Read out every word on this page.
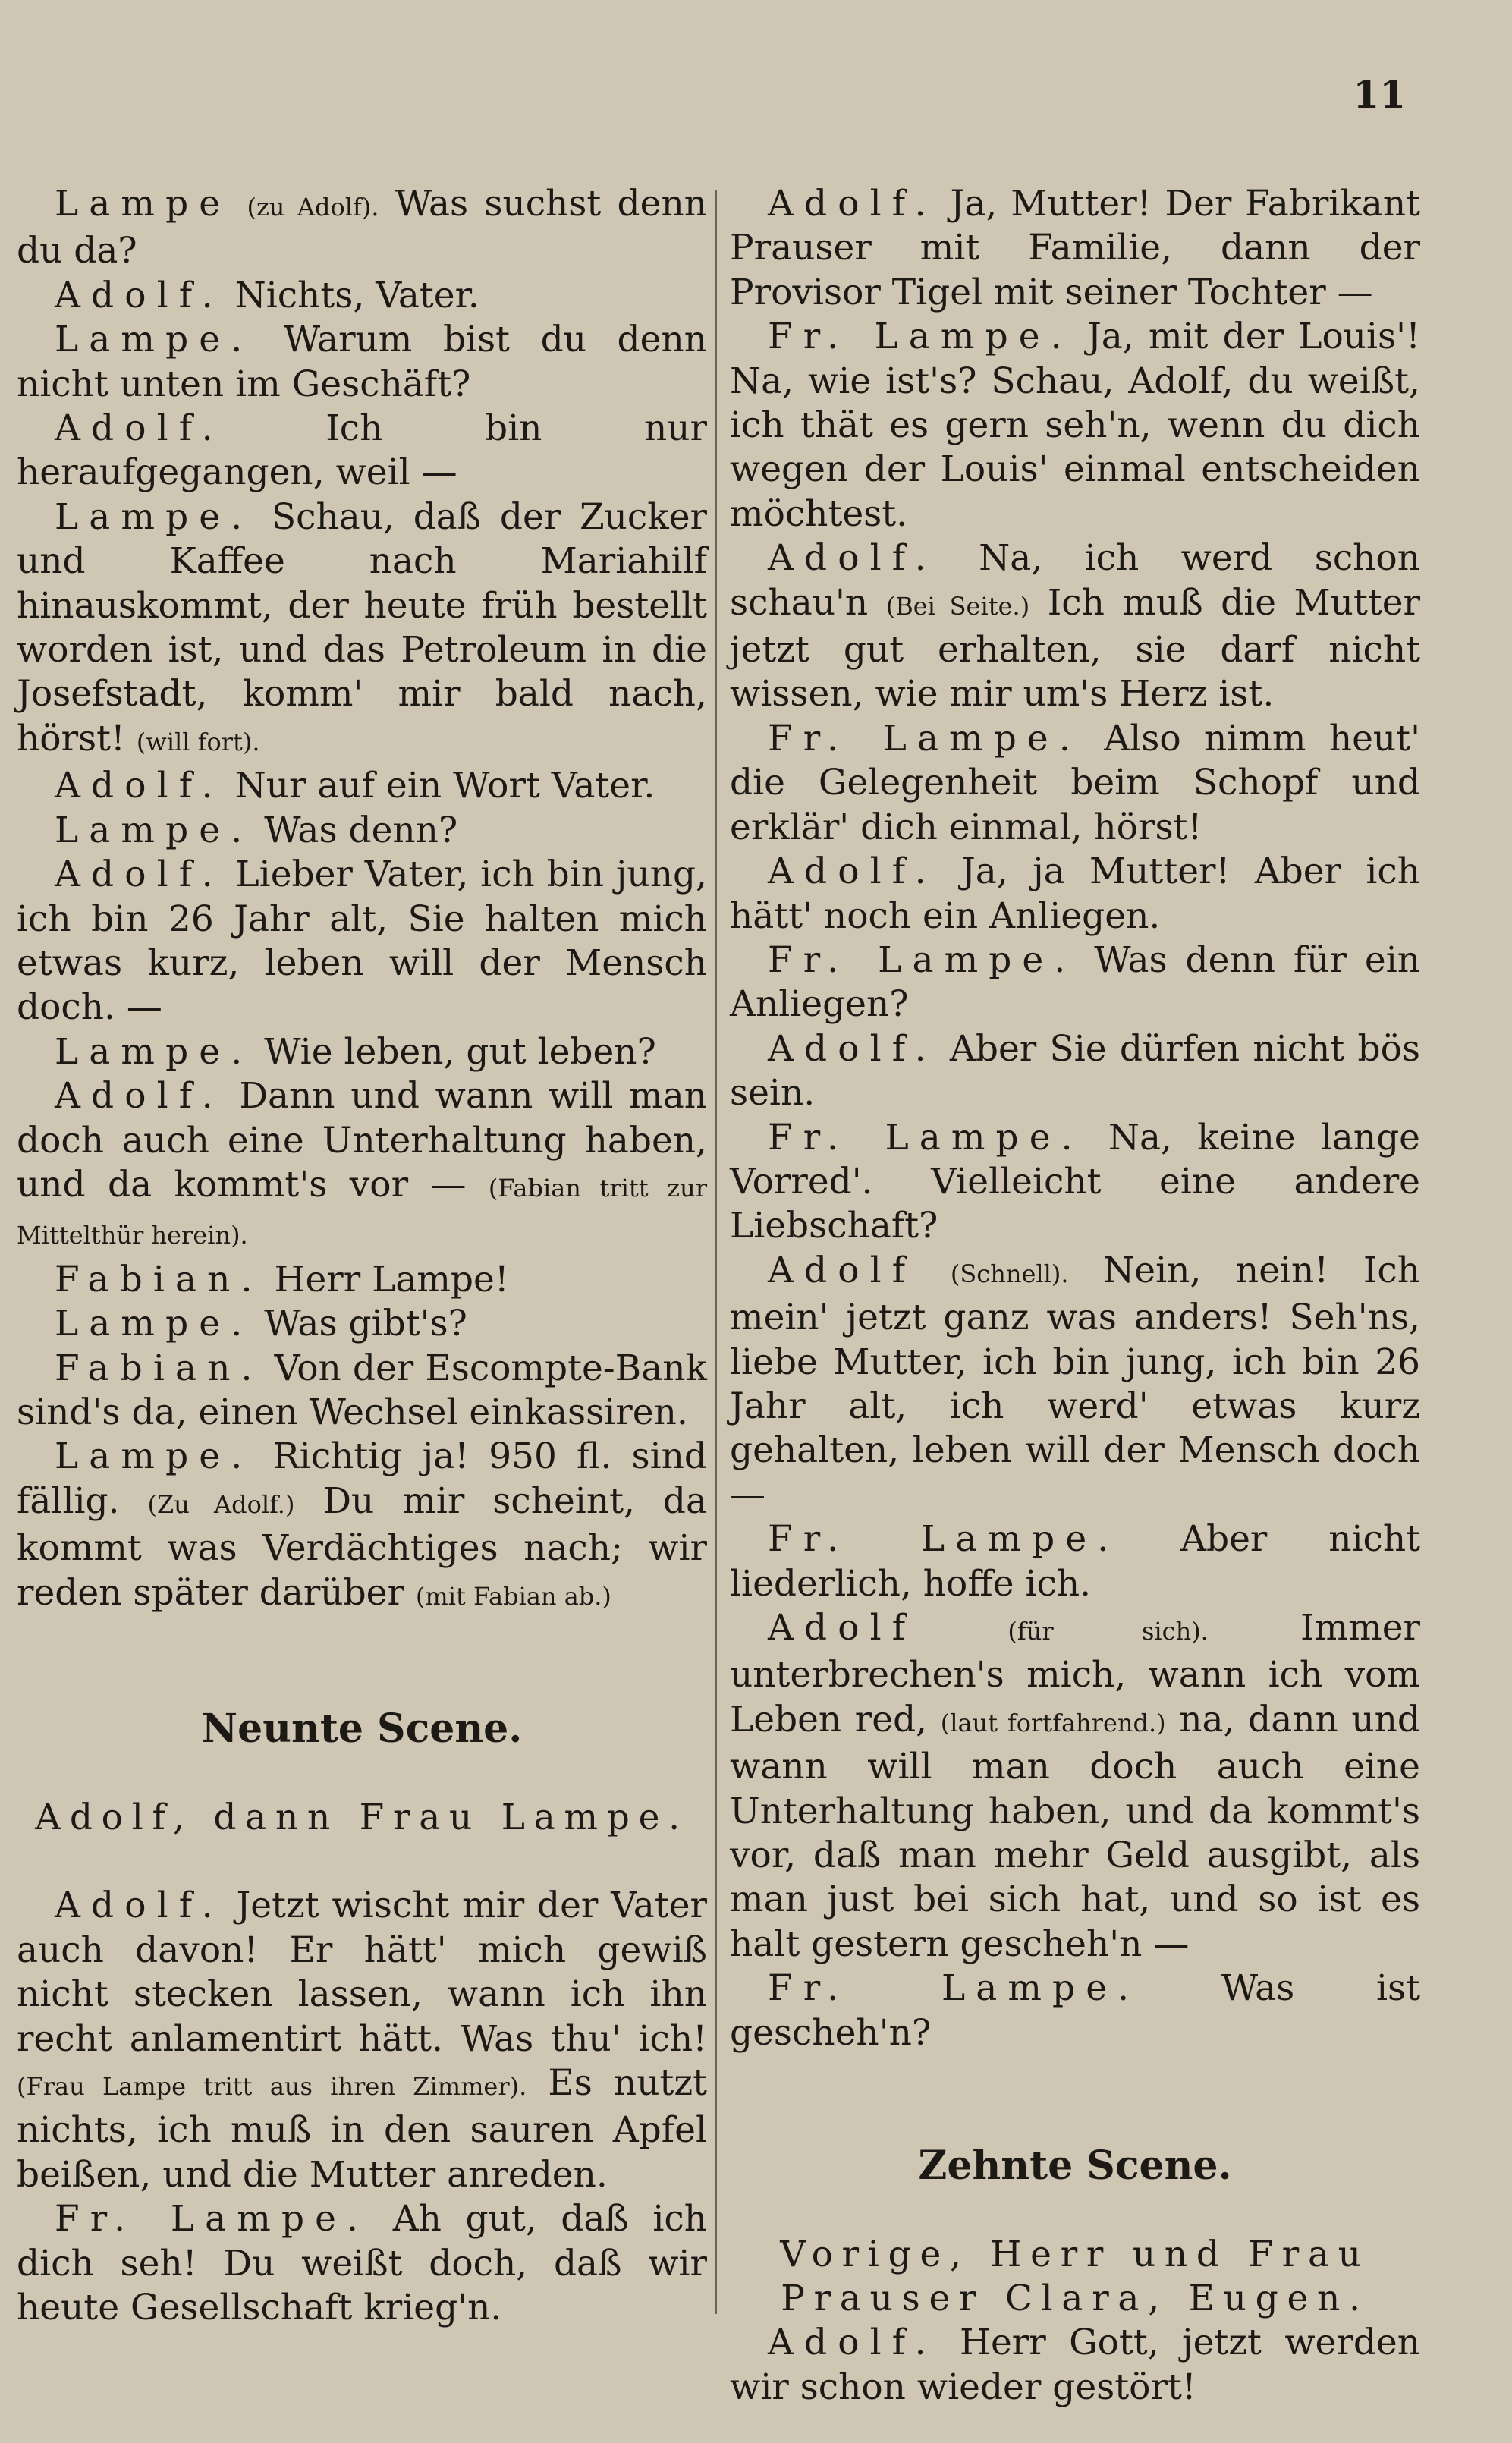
11

Lampe (zu Adolf). Was suchst denn du da?

Adolf. Nichts, Vater.

Lampe. Warum bist du denn nicht unten im Geschäft?

Adolf.	Ich bin nur heraufgegangen, weil —

Lampe. Schau, daß der Zucker und Kaffee nach Mariahilf hinauskommt, der heute früh bestellt worden ist, und das Petroleum in die Josefstadt, komm' mir bald nach, hörst! (will fort).

Adolf. Nur auf ein Wort Vater.

Lampe. Was denn?

Adolf. Lieber Vater, ich bin jung, ich bin 26 Jahr alt, Sie halten mich etwas kurz, leben will der Mensch doch. —

Lampe. Wie leben, gut leben?

Adolf. Dann und wann will man doch auch eine Unterhaltung haben, und da kommt's vor — (Fabian tritt zur Mittelthür herein).

Fabian. Herr Lampe!

Lampe. Was gibt's?

Fabian. Von der Escompte-Bank sind's da, einen Wechsel einkassiren.

Lampe. Richtig ja! 950 fl. sind fällig. (Zu Adolf.) Du mir scheint, da kommt was Verdächtiges nach; wir reden später darüber (mit Fabian ab.)

Neunte Scene.

Adolf, dann Frau Lampe.

Adolf. Jetzt wischt mir der Vater auch davon! Er hätt' mich gewiß nicht stecken lassen, wann ich ihn recht anlamentirt hätt. Was thu' ich! (Frau Lampe tritt aus ihren Zimmer). Es nutzt nichts, ich muß in den sauren Apfel beißen, und die Mutter anreden.

Fr. Lampe. Ah gut, daß ich dich seh! Du weißt doch, daß wir heute Gesellschaft krieg'n.

Adolf. Ja, Mutter! Der Fabrikant Prauser mit Familie, dann der Provisor Tigel mit seiner Tochter —

Fr. Lampe. Ja, mit der Louis'! Na, wie ist's? Schau, Adolf, du weißt, ich thät es gern seh'n, wenn du dich wegen der Louis' einmal entscheiden möchtest.

Adolf. Na, ich werd schon schau'n (Bei Seite.) Ich muß die Mutter jetzt gut erhalten, sie darf nicht wissen, wie mir um's Herz ist.

Fr. Lampe. Also nimm heut' die Gelegenheit beim Schopf und erklär' dich einmal, hörst!

Adolf. Ja, ja Mutter! Aber ich hätt' noch ein Anliegen.

Fr. Lampe. Was denn für ein Anliegen?

Adolf. Aber Sie dürfen nicht bös sein.

Fr. Lampe. Na, keine lange Vorred'. Vielleicht eine andere Liebschaft?

Adolf (Schnell). Nein, nein! Ich mein' jetzt ganz was anders! Seh'ns, liebe Mutter, ich bin jung, ich bin 26 Jahr alt, ich werd' etwas kurz gehalten, leben will der Mensch doch —

Fr. Lampe. Aber nicht liederlich, hoffe ich.

Adolf	(für sich).	Immer unterbrechen's mich, wann ich vom Leben red, (laut fortfahrend.) na, dann und wann will man doch auch eine Unterhaltung haben, und da kommt's vor, daß man mehr Geld ausgibt, als man just bei sich hat, und so ist es halt gestern gescheh'n —

Fr. Lampe. Was ist gescheh'n?

Zehnte Scene.

Vorige, Herr und Frau Prauser Clara, Eugen.

Adolf. Herr Gott, jetzt werden wir schon wieder gestört!
